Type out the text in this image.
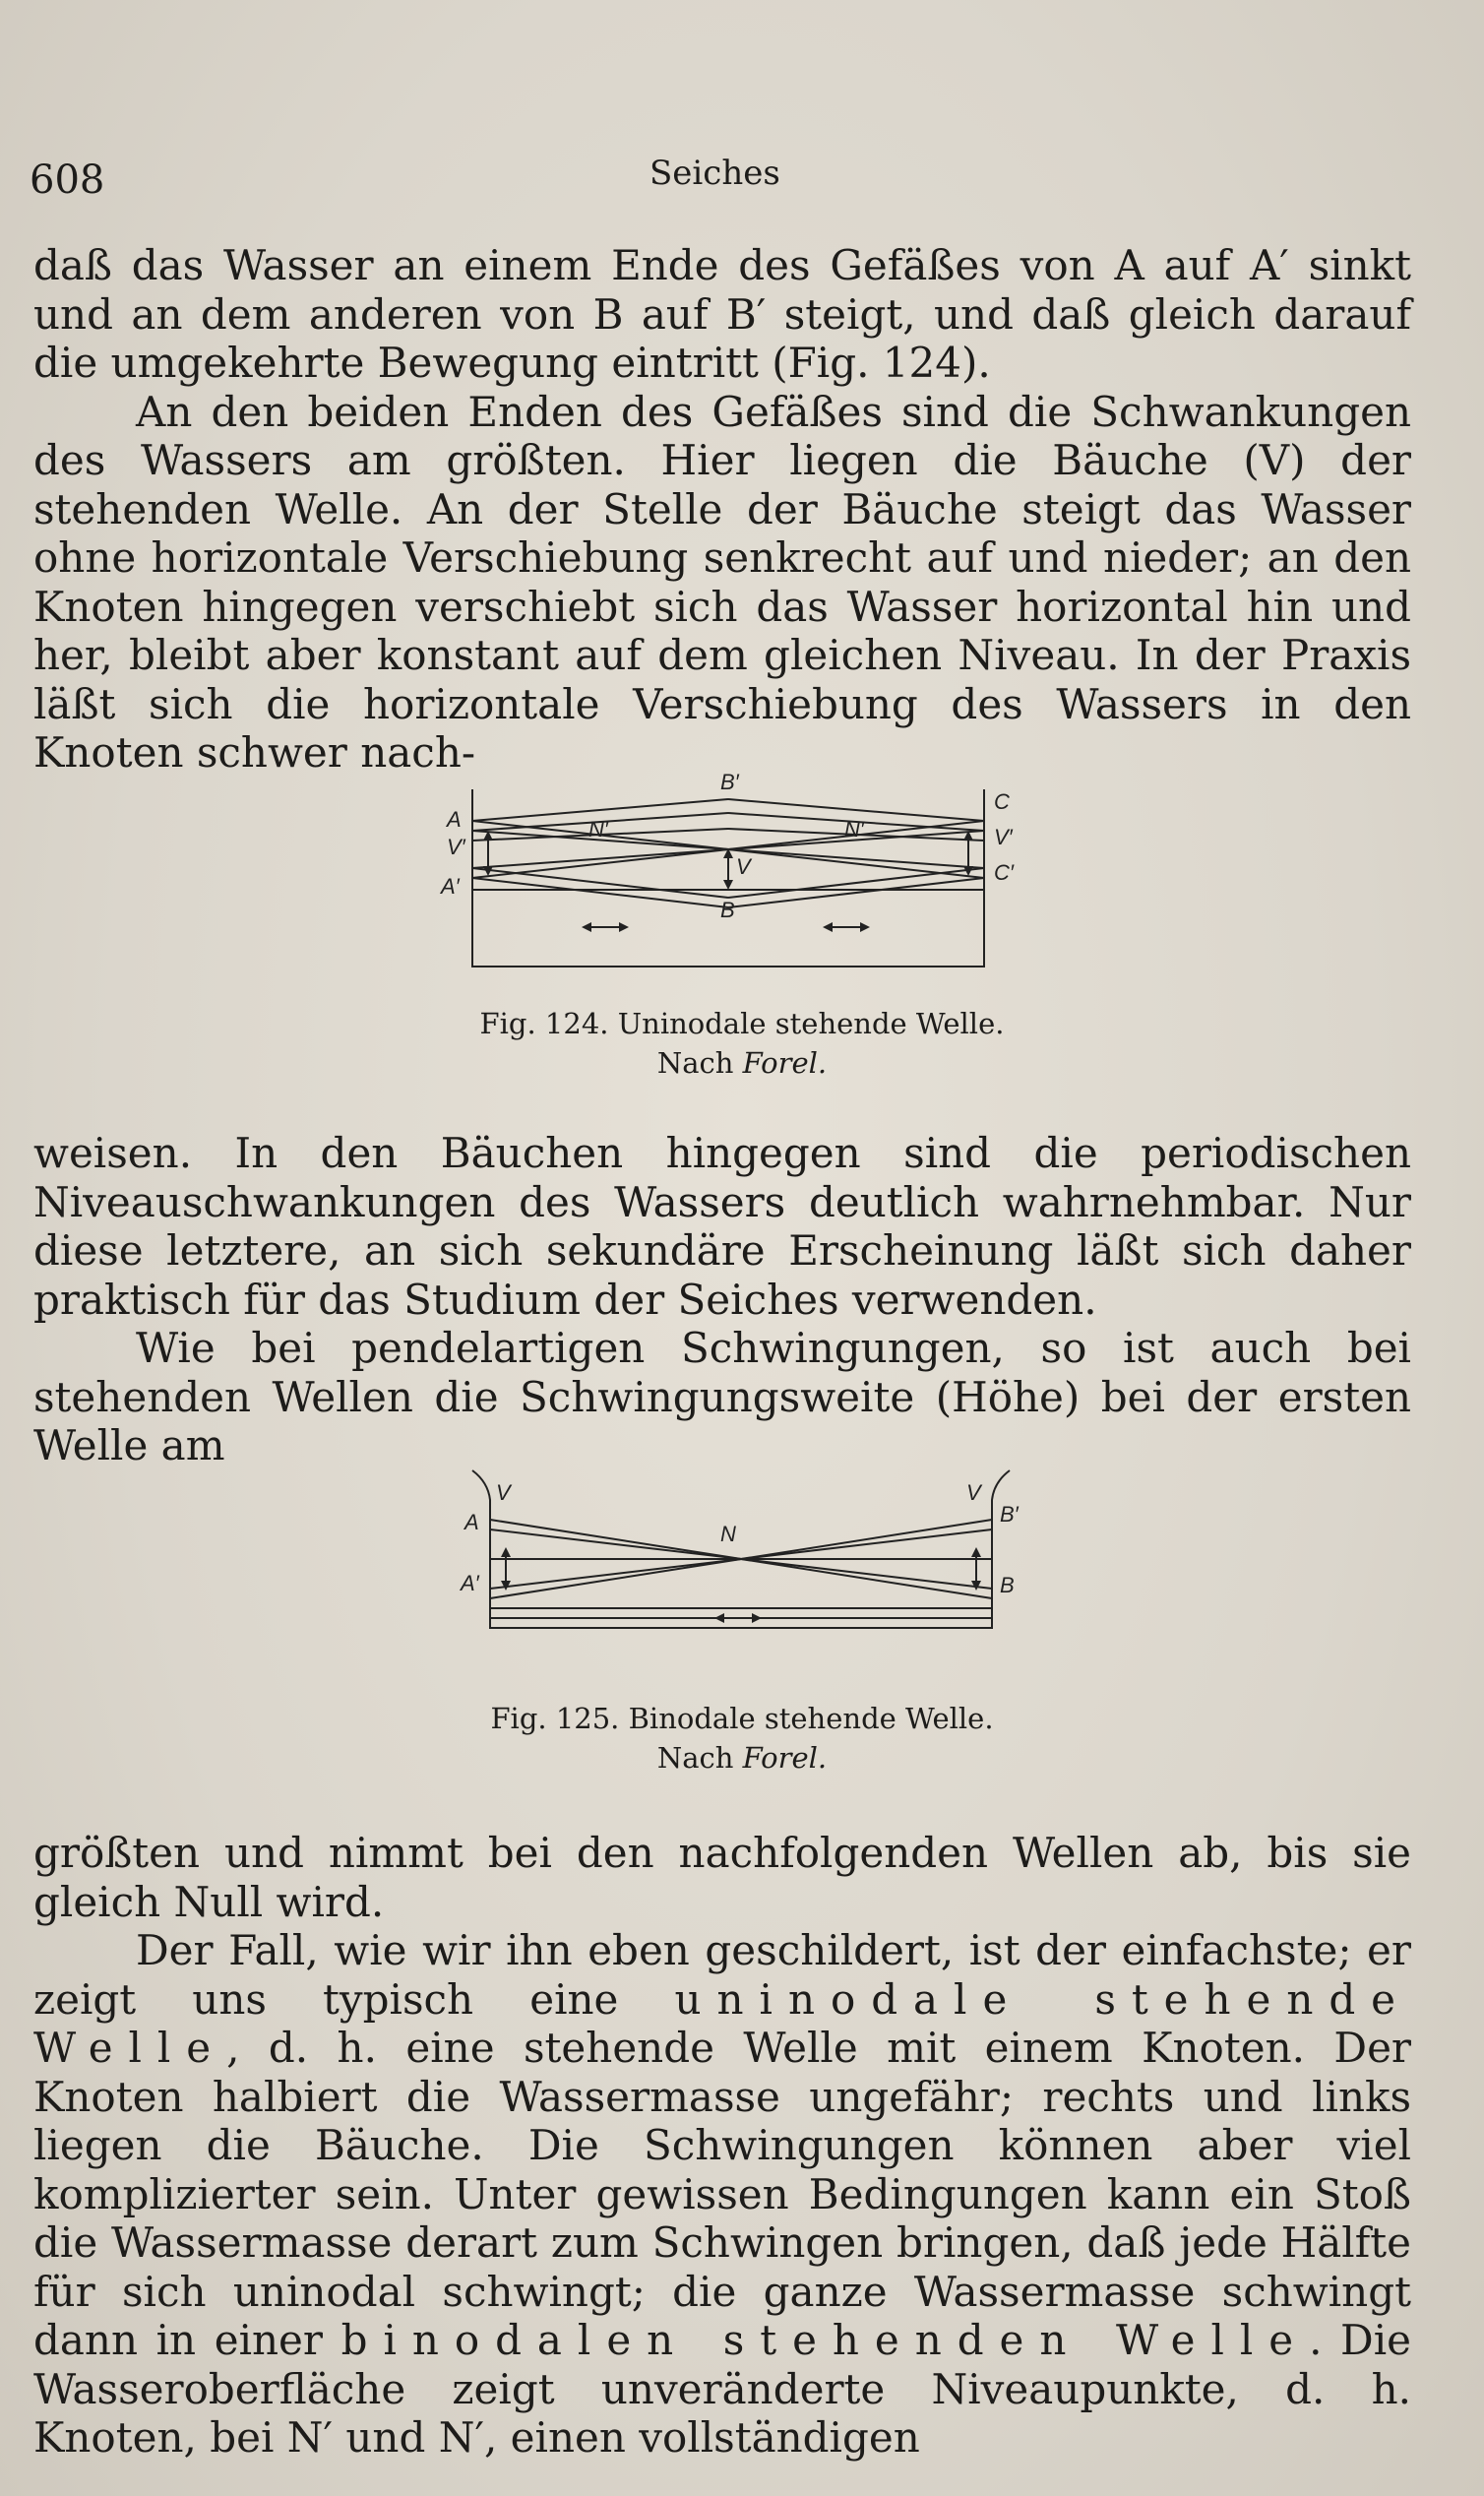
608	Seiches

daß das Wasser an einem Ende des Gefäßes von A auf A′ sinkt und an dem anderen von B auf B′ steigt, und daß gleich darauf die umgekehrte Bewegung eintritt (Fig. 124).

An den beiden Enden des Gefäßes sind die Schwankungen des Wassers am größten. Hier liegen die Bäuche (V) der stehenden Welle. An der Stelle der Bäuche steigt das Wasser ohne horizontale Verschiebung senkrecht auf und nieder; an den Knoten hingegen verschiebt sich das Wasser horizontal hin und her, bleibt aber konstant auf dem gleichen Niveau. In der Praxis läßt sich die horizontale Verschiebung des Wassers in den Knoten schwer nach-

A
V′
A′
B′
N′	N′
V
B
C
V′
C′
Fig. 124. Uninodale stehende Welle.
Nach Forel.

weisen. In den Bäuchen hingegen sind die periodischen Niveauschwankungen des Wassers deutlich wahrnehmbar. Nur diese letztere, an sich sekundäre Erscheinung läßt sich daher praktisch für das Studium der Seiches verwenden.

Wie bei pendelartigen Schwingungen, so ist auch bei stehenden Wellen die Schwingungsweite (Höhe) bei der ersten Welle am

V	V
A
A′
N
B′
B
Fig. 125. Binodale stehende Welle.
Nach Forel.

größten und nimmt bei den nachfolgenden Wellen ab, bis sie gleich Null wird.

Der Fall, wie wir ihn eben geschildert, ist der einfachste; er zeigt uns typisch eine uninodale stehende Welle, d. h. eine stehende Welle mit einem Knoten. Der Knoten halbiert die Wassermasse ungefähr; rechts und links liegen die Bäuche. Die Schwingungen können aber viel komplizierter sein. Unter gewissen Bedingungen kann ein Stoß die Wassermasse derart zum Schwingen bringen, daß jede Hälfte für sich uninodal schwingt; die ganze Wassermasse schwingt dann in einer binodalen stehenden Welle. Die Wasseroberfläche zeigt unveränderte Niveaupunkte, d. h. Knoten, bei N′ und N′, einen vollständigen
